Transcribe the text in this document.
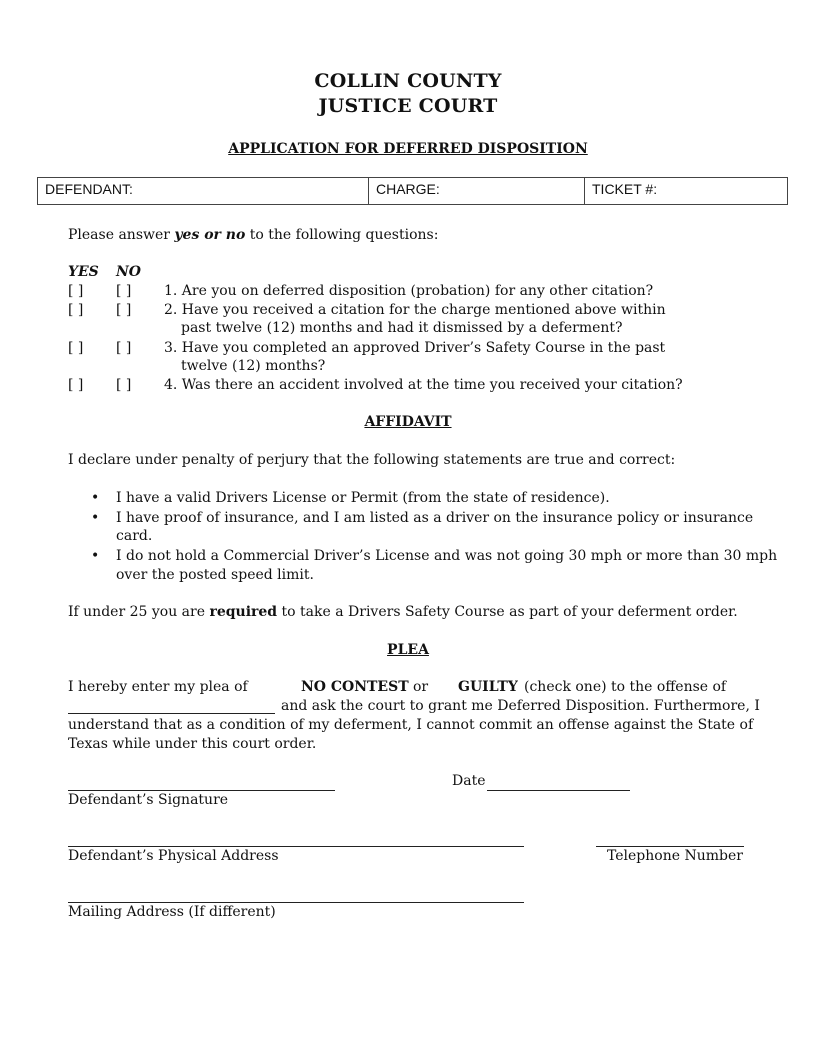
COLLIN COUNTY
JUSTICE COURT
APPLICATION FOR DEFERRED DISPOSITION
DEFENDANT:	CHARGE:	TICKET #:
Please answer yes or no to the following questions:
YES NO
[ ] [ ] 1. Are you on deferred disposition (probation) for any other citation?
[ ] [ ] 2. Have you received a citation for the charge mentioned above within
past twelve (12) months and had it dismissed by a deferment?
[ ] [ ] 3. Have you completed an approved Driver’s Safety Course in the past
twelve (12) months?
[ ] [ ] 4. Was there an accident involved at the time you received your citation?
AFFIDAVIT
I declare under penalty of perjury that the following statements are true and correct:
• I have a valid Drivers License or Permit (from the state of residence).
• I have proof of insurance, and I am listed as a driver on the insurance policy or insurance
card.
• I do not hold a Commercial Driver’s License and was not going 30 mph or more than 30 mph
over the posted speed limit.
If under 25 you are required to take a Drivers Safety Course as part of your deferment order.
PLEA
I hereby enter my plea of	NO CONTEST or GUILTY (check one) to the offense of
and ask the court to grant me Deferred Disposition. Furthermore, I
understand that as a condition of my deferment, I cannot commit an offense against the State of
Texas while under this court order.
Date
Defendant’s Signature
Defendant’s Physical Address	Telephone Number
Mailing Address (If different)
